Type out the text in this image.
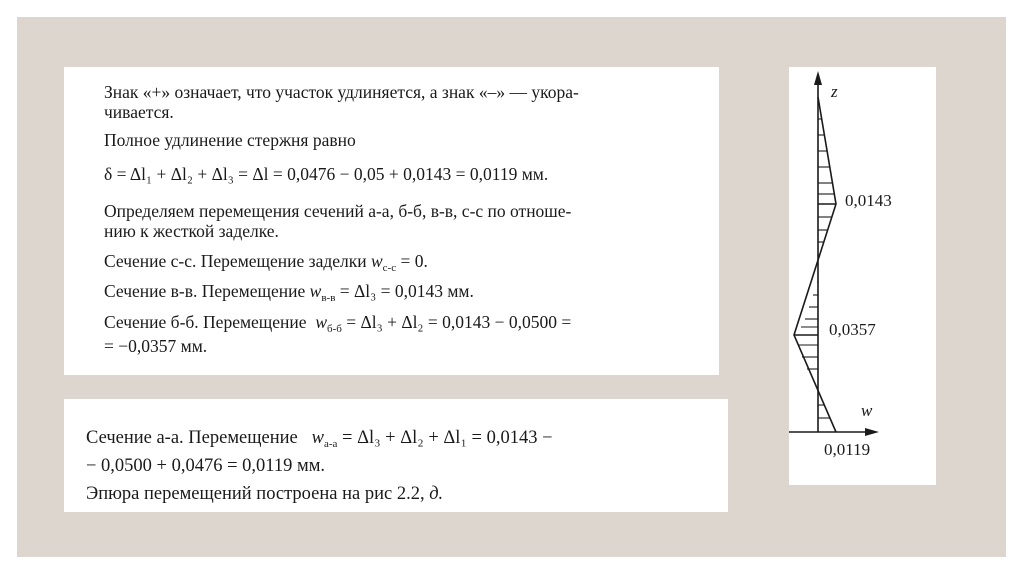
Знак «+» означает, что участок удлиняется, а знак «–» — укора-
чивается.
Полное удлинение стержня равно
δ = Δl₁ + Δl₂ + Δl₃ = Δl = 0,0476 − 0,05 + 0,0143 = 0,0119 мм.
Определяем перемещения сечений а-а, б-б, в-в, с-с по отноше-
нию к жесткой заделке.
Сечение с-с. Перемещение заделки $w_{с-с} = 0$.
Сечение в-в. Перемещение $w_{в-в} = \Delta l_3 = 0,0143$ мм.
Сечение б-б. Перемещение $w_{б-б} = \Delta l_3 + \Delta l_2 = 0,0143 - 0,0500$ =
= −0,0357 мм.
Сечение а-а. Перемещение $w_{а-а} = \Delta l_3 + \Delta l_2 + \Delta l_1 = 0,0143$ −
− 0,0500 + 0,0476 = 0,0119 мм.
Эпюра перемещений построена на рис 2.2, д.
z
w
0,0143
0,0357
0,0119
